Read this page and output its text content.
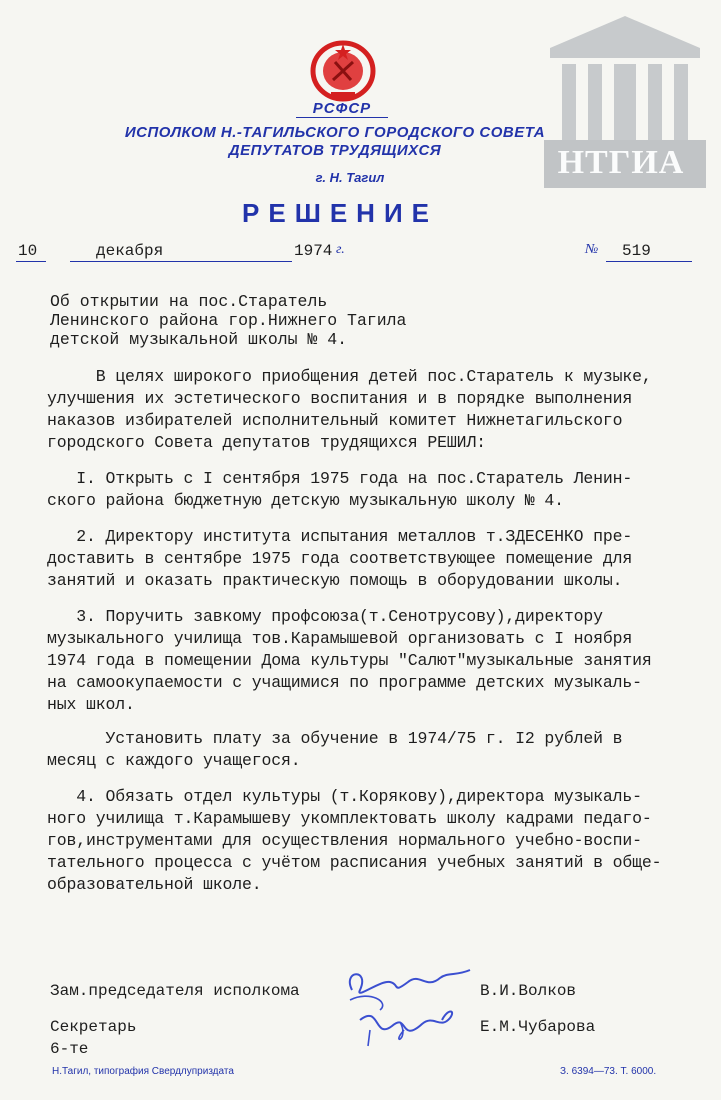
НТГИА
РСФСР
ИСПОЛКОМ Н.-ТАГИЛЬСКОГО ГОРОДСКОГО СОВЕТА
ДЕПУТАТОВ ТРУДЯЩИХСЯ
г. Н. Тагил
РЕШЕНИЕ
10	декабря	1974 г.	№	519
Об открытии на пос.Старатель
Ленинского района гор.Нижнего Тагила
детской музыкальной школы № 4.
В целях широкого приобщения детей пос.Старатель к музыке,
улучшения их эстетического воспитания и в порядке выполнения
наказов избирателей исполнительный комитет Нижнетагильского
городского Совета депутатов трудящихся РЕШИЛ:
I. Открыть с I сентября 1975 года на пос.Старатель Ленин-
ского района бюджетную детскую музыкальную школу № 4.
2. Директору института испытания металлов т.ЗДЕСЕНКО пре-
доставить в сентябре 1975 года соответствующее помещение для
занятий и оказать практическую помощь в оборудовании школы.
3. Поручить завкому профсоюза(т.Сенотрусову),директору
музыкального училища тов.Карамышевой организовать с I ноября
1974 года в помещении Дома культуры "Салют"музыкальные занятия
на самоокупаемости с учащимися по программе детских музыкаль-
ных школ.
Установить плату за обучение в 1974/75 г. I2 рублей в
месяц с каждого учащегося.
4. Обязать отдел культуры (т.Корякову),директора музыкаль-
ного училища т.Карамышеву укомплектовать школу кадрами педаго-
гов,инструментами для осуществления нормального учебно-воспи-
тательного процесса с учётом расписания учебных занятий в обще-
образовательной школе.
Зам.председателя исполкома	В.И.Волков
Секретарь	Е.М.Чубарова
6-те
Н.Тагил, типография Свердлуприздата	З. 6394—73. Т. 6000.
